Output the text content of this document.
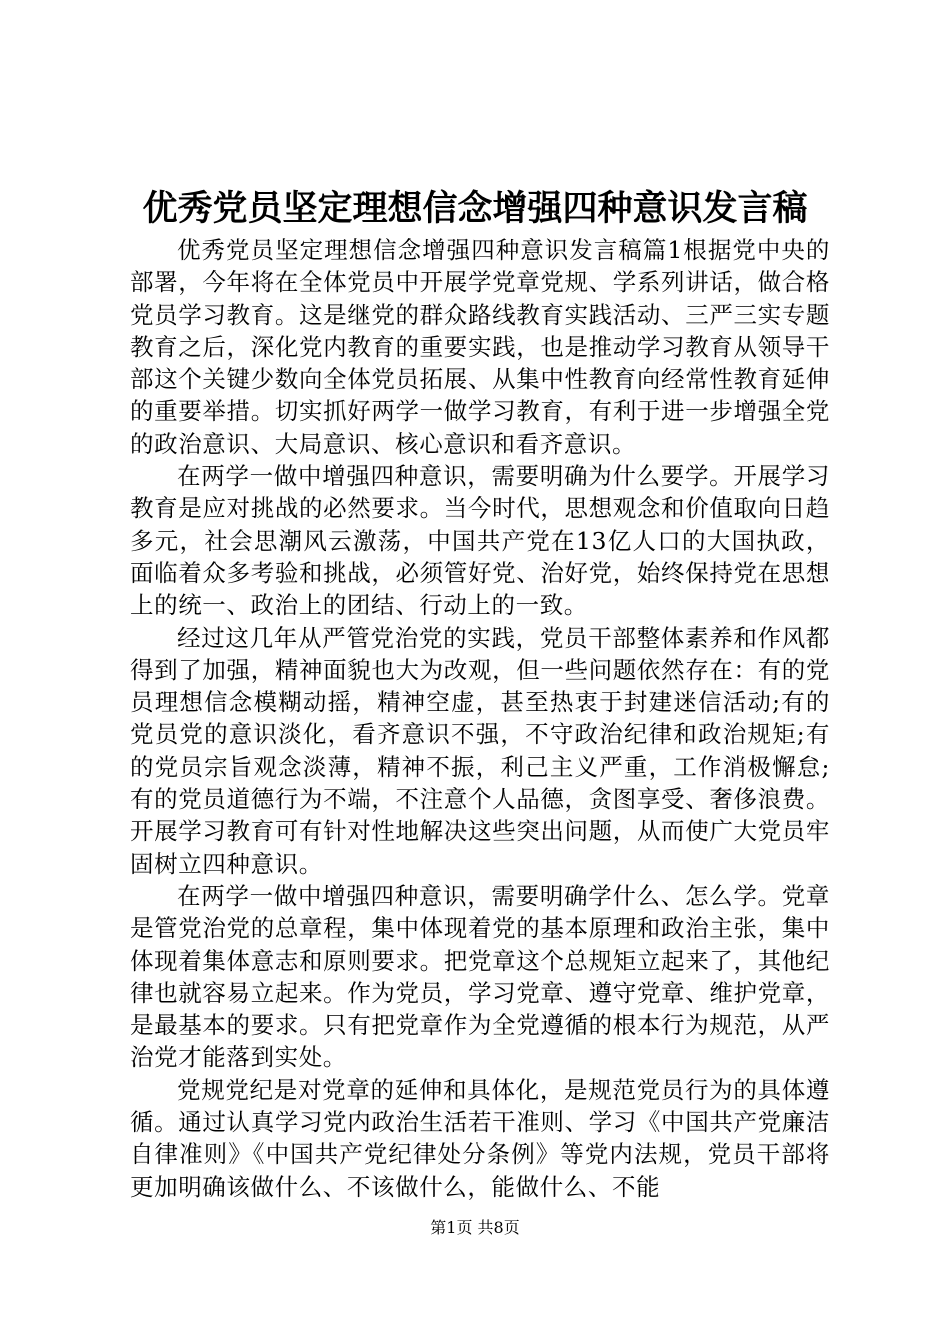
优秀党员坚定理想信念增强四种意识发言稿

优秀党员坚定理想信念增强四种意识发言稿篇1根据党中央的部署，今年将在全体党员中开展学党章党规、学系列讲话，做合格党员学习教育。这是继党的群众路线教育实践活动、三严三实专题教育之后，深化党内教育的重要实践，也是推动学习教育从领导干部这个关键少数向全体党员拓展、从集中性教育向经常性教育延伸的重要举措。切实抓好两学一做学习教育，有利于进一步增强全党的政治意识、大局意识、核心意识和看齐意识。

在两学一做中增强四种意识，需要明确为什么要学。开展学习教育是应对挑战的必然要求。当今时代，思想观念和价值取向日趋多元，社会思潮风云激荡，中国共产党在13亿人口的大国执政，面临着众多考验和挑战，必须管好党、治好党，始终保持党在思想上的统一、政治上的团结、行动上的一致。

经过这几年从严管党治党的实践，党员干部整体素养和作风都得到了加强，精神面貌也大为改观，但一些问题依然存在：有的党员理想信念模糊动摇，精神空虚，甚至热衷于封建迷信活动;有的党员党的意识淡化，看齐意识不强，不守政治纪律和政治规矩;有的党员宗旨观念淡薄，精神不振，利己主义严重，工作消极懈怠;有的党员道德行为不端，不注意个人品德，贪图享受、奢侈浪费。开展学习教育可有针对性地解决这些突出问题，从而使广大党员牢固树立四种意识。

在两学一做中增强四种意识，需要明确学什么、怎么学。党章是管党治党的总章程，集中体现着党的基本原理和政治主张，集中体现着集体意志和原则要求。把党章这个总规矩立起来了，其他纪律也就容易立起来。作为党员，学习党章、遵守党章、维护党章，是最基本的要求。只有把党章作为全党遵循的根本行为规范，从严治党才能落到实处。

党规党纪是对党章的延伸和具体化，是规范党员行为的具体遵循。通过认真学习党内政治生活若干准则、学习《中国共产党廉洁自律准则》《中国共产党纪律处分条例》等党内法规，党员干部将更加明确该做什么、不该做什么，能做什么、不能

第1页 共8页
